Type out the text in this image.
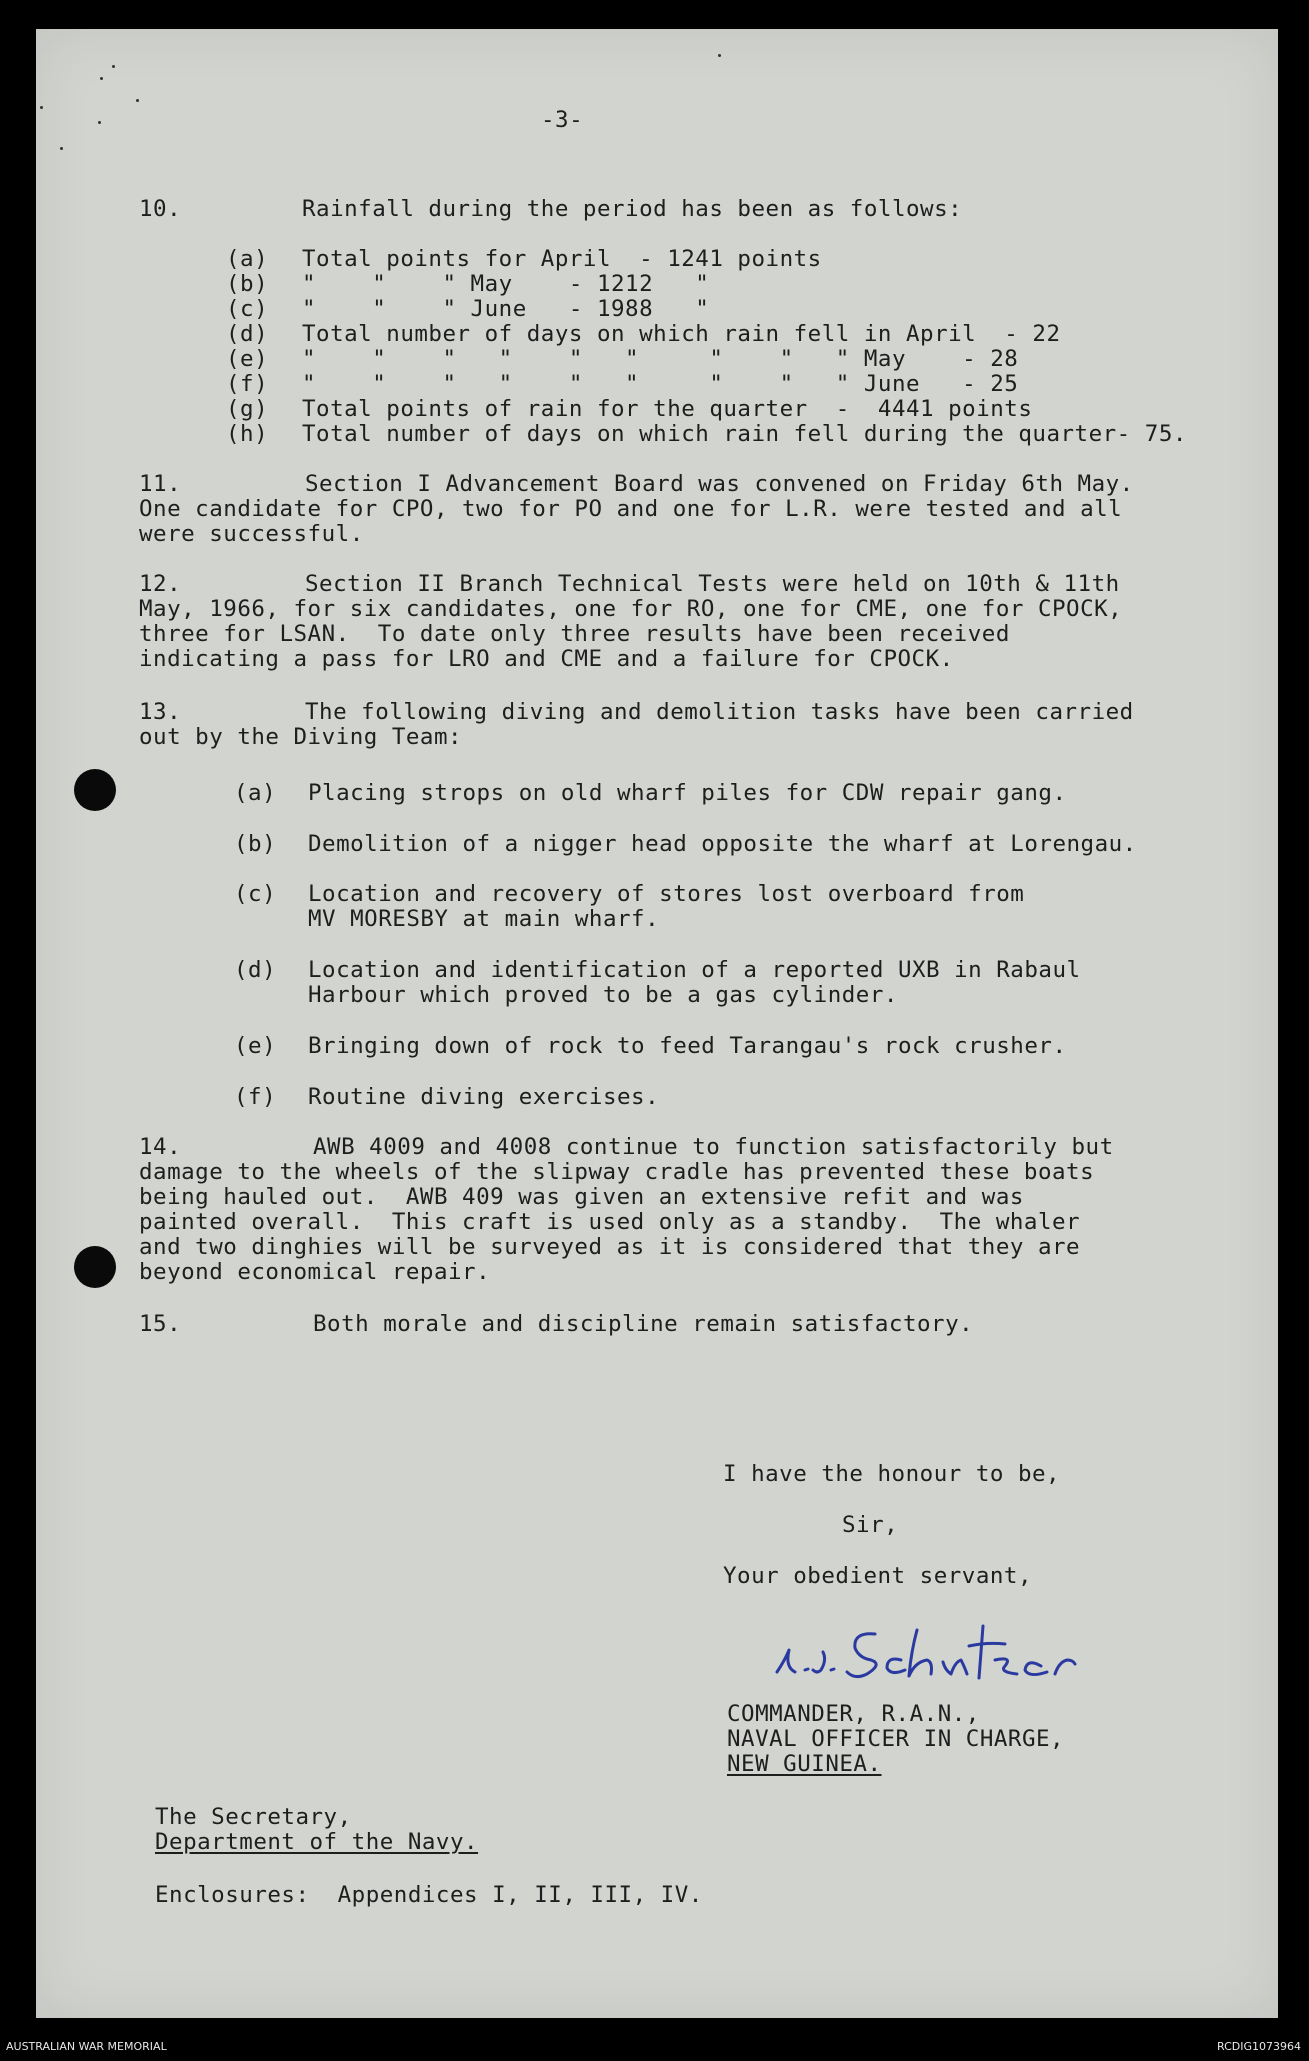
-3-
10.	Rainfall during the period has been as follows:
(a) Total points for April  - 1241 points
(b) "    "    " May    - 1212   "
(c) "    "    " June   - 1988   "
(d) Total number of days on which rain fell in April  - 22
(e) "    "    "   "    "   "     "    "   " May    - 28
(f) "    "    "   "    "   "     "    "   " June   - 25
(g) Total points of rain for the quarter  -  4441 points
(h) Total number of days on which rain fell during the quarter- 75.
11.	Section I Advancement Board was convened on Friday 6th May.
One candidate for CPO, two for PO and one for L.R. were tested and all
were successful.
12.	Section II Branch Technical Tests were held on 10th & 11th
May, 1966, for six candidates, one for RO, one for CME, one for CPOCK,
three for LSAN.  To date only three results have been received
indicating a pass for LRO and CME and a failure for CPOCK.
13.	The following diving and demolition tasks have been carried
out by the Diving Team:
(a) Placing strops on old wharf piles for CDW repair gang.
(b) Demolition of a nigger head opposite the wharf at Lorengau.
(c) Location and recovery of stores lost overboard from
MV MORESBY at main wharf.
(d) Location and identification of a reported UXB in Rabaul
Harbour which proved to be a gas cylinder.
(e) Bringing down of rock to feed Tarangau's rock crusher.
(f) Routine diving exercises.
14.	AWB 4009 and 4008 continue to function satisfactorily but
damage to the wheels of the slipway cradle has prevented these boats
being hauled out.  AWB 409 was given an extensive refit and was
painted overall.  This craft is used only as a standby.  The whaler
and two dinghies will be surveyed as it is considered that they are
beyond economical repair.
15.	Both morale and discipline remain satisfactory.
I have the honour to be,
Sir,
Your obedient servant,
COMMANDER, R.A.N.,
NAVAL OFFICER IN CHARGE,
NEW GUINEA.
The Secretary,
Department of the Navy.
Enclosures:  Appendices I, II, III, IV.
AUSTRALIAN WAR MEMORIAL	RCDIG1073964
